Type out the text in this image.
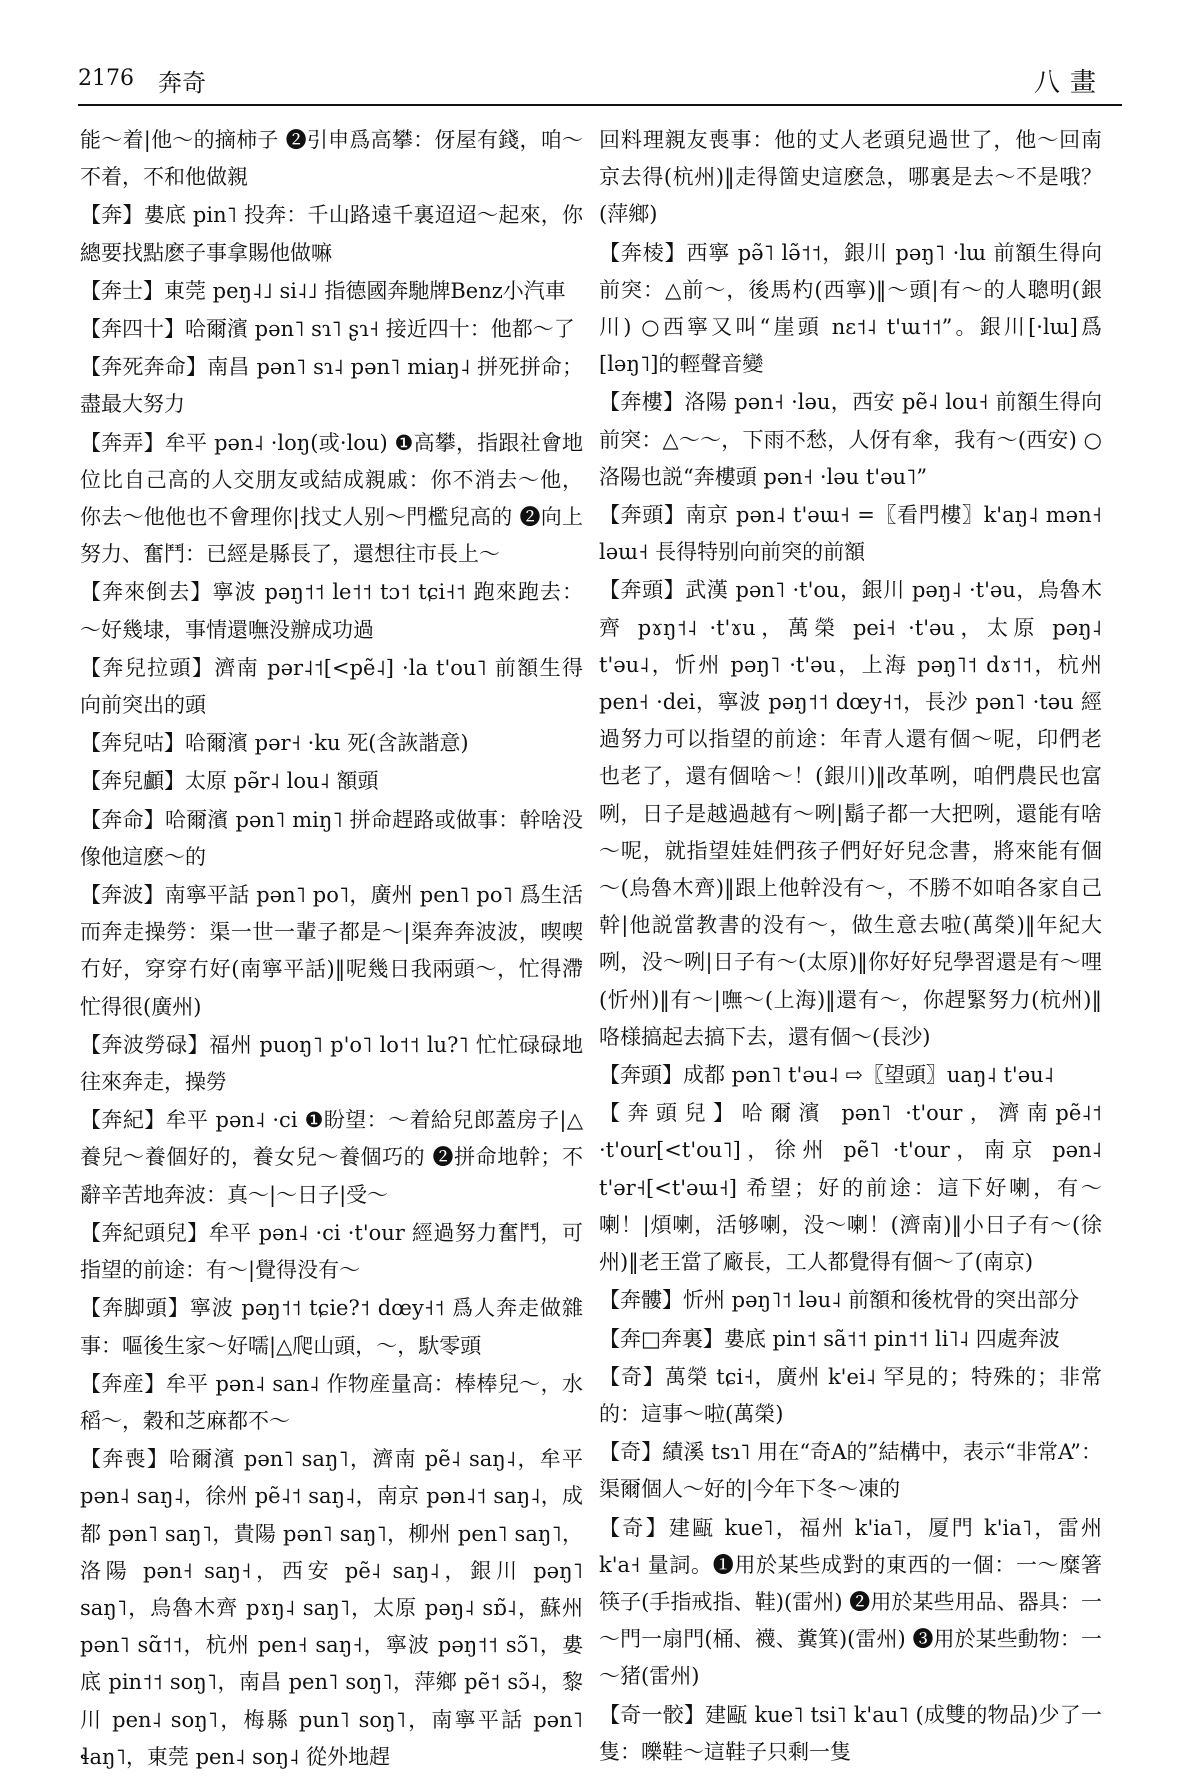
2176 奔奇	八畫
能～着|他～的摘柿子 ❷引申爲高攀：伢屋有錢，咱～不着，不和他做親
【奔】婁底 pin˥ 投奔：千山路遠千裏迢迢～起來，你總要找點麽子事拿賜他做嘛
【奔士】東莞 peŋ˨˩ si˨˩ 指德國奔馳牌Benz小汽車
【奔四十】哈爾濱 pən˥ sɿ˥ ʂɿ˧ 接近四十：他都～了
【奔死奔命】南昌 pən˥ sɿ˨ pən˥ miaŋ˨ 拼死拼命；盡最大努力
【奔弄】牟平 pən˨ ·loŋ(或·lou) ❶高攀，指跟社會地位比自己高的人交朋友或結成親戚：你不消去～他，你去～他他也不會理你|找丈人别～門檻兒高的 ❷向上努力、奮鬥：已經是縣長了，還想往市長上～
【奔來倒去】寧波 pəŋ˦˦ le˦˦ tɔ˦ tɕi˧˦ 跑來跑去：～好幾埭，事情還嘸没辦成功過
【奔兒拉頭】濟南 pər˨˦[<pẽ˨] ·la t'ou˥ 前額生得向前突出的頭
【奔兒咕】哈爾濱 pər˧ ·ku 死(含詼諧意)
【奔兒顱】太原 pə̃r˨ lou˨ 額頭
【奔命】哈爾濱 pən˥ miŋ˥ 拼命趕路或做事：幹啥没像他這麽～的
【奔波】南寧平話 pən˥ po˥，廣州 pen˥ po˥ 爲生活而奔走操勞：渠一世一輩子都是～|渠奔奔波波，喫喫冇好，穿穿冇好(南寧平話)‖呢幾日我兩頭～，忙得滯忙得很(廣州)
【奔波勞碌】福州 puoŋ˥ p'o˥ lo˦˦ lu?˥ 忙忙碌碌地往來奔走，操勞
【奔紀】牟平 pən˨ ·ci ❶盼望：～着給兒郎蓋房子|△養兒～養個好的，養女兒～養個巧的 ❷拼命地幹；不辭辛苦地奔波：真～|～日子|受～
【奔紀頭兒】牟平 pən˨ ·ci ·t'our 經過努力奮鬥，可指望的前途：有～|覺得没有～
【奔脚頭】寧波 pəŋ˦˦ tɕie?˦ dœy˧˦ 爲人奔走做雜事：嘔後生家～好嚅|△爬山頭，～，馱零頭
【奔産】牟平 pən˨ san˨ 作物産量高：棒棒兒～，水稻～，穀和芝麻都不～
【奔喪】哈爾濱 pən˥ saŋ˥，濟南 pẽ˨ saŋ˨，牟平 pən˨ saŋ˨，徐州 pẽ˨˦ saŋ˨，南京 pən˨˦ saŋ˨，成都 pən˥ saŋ˥，貴陽 pən˥ saŋ˥，柳州 pen˥ saŋ˥，洛陽 pən˧ saŋ˧，西安 pẽ˨ saŋ˨，銀川 pəŋ˥ saŋ˥，烏魯木齊 pɤŋ˨ saŋ˥，太原 pəŋ˨ sɒ̃˨，蘇州 pən˥ sɑ̃˦˦，杭州 pen˧ saŋ˧，寧波 pəŋ˦˦ sɔ̃˥，婁底 pin˦˦ soŋ˥，南昌 pen˥ soŋ˥，萍鄉 pẽ˦ sɔ̃˨，黎川 pen˨ soŋ˥，梅縣 pun˥ soŋ˥，南寧平話 pən˥ ɬaŋ˥，東莞 pen˨ soŋ˨ 從外地趕
回料理親友喪事：他的丈人老頭兒過世了，他～回南京去得(杭州)‖走得箇史這麽急，哪裏是去～不是哦？(萍鄉)
【奔棱】西寧 pə̃˥ lə̃˦˦，銀川 pəŋ˥ ·lɯ 前額生得向前突：△前～，後馬杓(西寧)‖～頭|有～的人聰明(銀川) ○西寧又叫“崖頭 nɛ˦˨ t'ɯ˦˦”。銀川[·lɯ]爲[ləŋ˥]的輕聲音變
【奔樓】洛陽 pən˧ ·ləu，西安 pẽ˨ lou˧ 前額生得向前突：△～～，下雨不愁，人伢有傘，我有～(西安) ○洛陽也説“奔樓頭 pən˧ ·ləu t'əu˥”
【奔頭】南京 pən˨ t'əɯ˧ =〖看門樓〗k'aŋ˨ mən˧ ləɯ˧ 長得特别向前突的前額
【奔頭】武漢 pən˥ ·t'ou，銀川 pəŋ˨ ·t'əu，烏魯木齊 pɤŋ˦˨ ·t'ɤu，萬榮 pei˧ ·t'əu，太原 pəŋ˨ t'əu˨，忻州 pəŋ˥ ·t'əu，上海 pəŋ˥˦ dɤ˦˦，杭州 pen˧ ·dei，寧波 pəŋ˦˦ dœy˧˦，長沙 pən˥ ·təu 經過努力可以指望的前途：年青人還有個～呢，印們老也老了，還有個啥～！(銀川)‖改革咧，咱們農民也富咧，日子是越過越有～咧|鬍子都一大把咧，還能有啥～呢，就指望娃娃們孩子們好好兒念書，將來能有個～(烏魯木齊)‖跟上他幹没有～，不勝不如咱各家自己幹|他説當教書的没有～，做生意去啦(萬榮)‖年紀大咧，没～咧|日子有～(太原)‖你好好兒學習還是有～哩(忻州)‖有～|嘸～(上海)‖還有～，你趕緊努力(杭州)‖咯様搞起去搞下去，還有個～(長沙)
【奔頭】成都 pən˥ t'əu˨ ⇨〖望頭〗uaŋ˨ t'əu˨
【奔頭兒】哈爾濱 pən˥ ·t'our，濟南pẽ˨˦ ·t'our[<t'ou˥]，徐州 pẽ˥ ·t'our，南京 pən˨ t'ər˧[<t'əɯ˧] 希望；好的前途：這下好喇，有～喇！|煩喇，活够喇，没～喇！(濟南)‖小日子有～(徐州)‖老王當了廠長，工人都覺得有個～了(南京)
【奔髏】忻州 pəŋ˥˦ ləu˨ 前額和後枕骨的突出部分
【奔□奔裏】婁底 pin˦ sã˦˦ pin˦˦ li˥˨ 四處奔波
【奇】萬榮 tɕi˧，廣州 k'ei˨ 罕見的；特殊的；非常的：這事～啦(萬榮)
【奇】績溪 tsɿ˥ 用在“奇A的”結構中，表示“非常A”：渠爾個人～好的|今年下冬～凍的
【奇】建甌 kue˥，福州 k'ia˥，厦門 k'ia˥，雷州 k'a˧ 量詞。❶用於某些成對的東西的一個：一～糜箸筷子(手指戒指、鞋)(雷州) ❷用於某些用品、器具：一～門一扇門(桶、襪、糞箕)(雷州) ❸用於某些動物：一～猪(雷州)
【奇一骹】建甌 kue˥ tsi˥ k'au˥ (成雙的物品)少了一隻：嚛鞋～這鞋子只剩一隻
